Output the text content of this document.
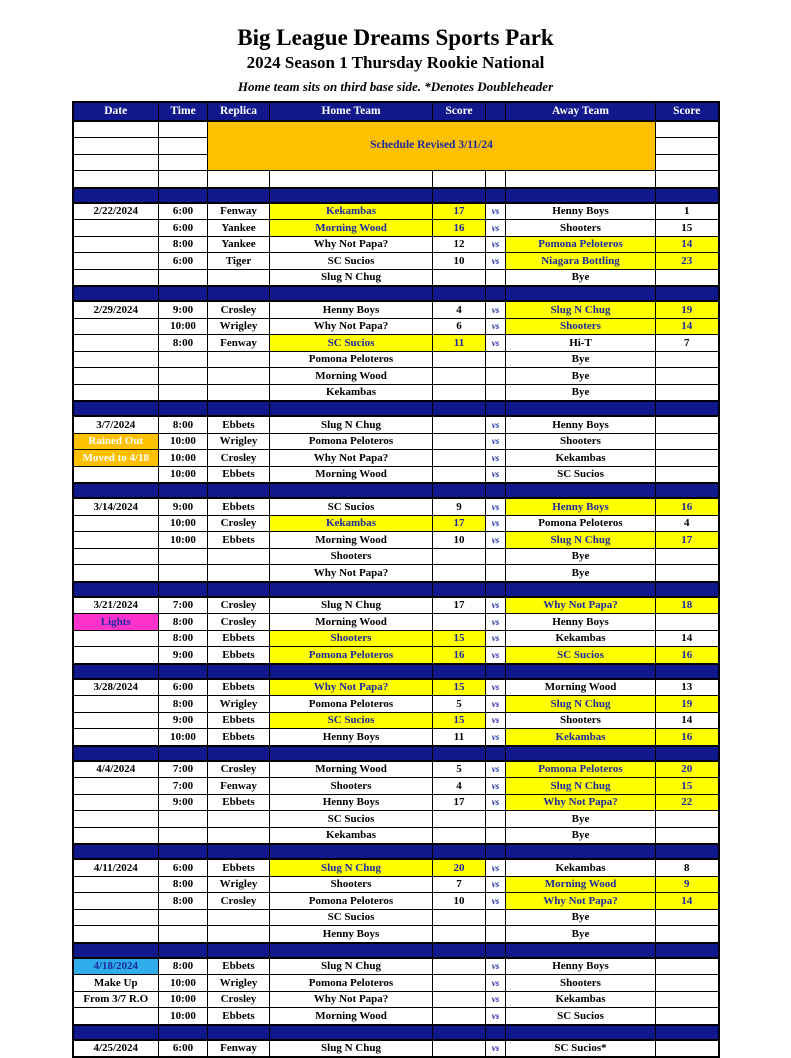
Big League Dreams Sports Park
2024 Season 1 Thursday Rookie National
Home team sits on third base side. *Denotes Doubleheader
Date	Time	Replica	Home Team	Score		Away Team	Score
		Schedule Revised 3/11/24					

2/22/2024	6:00	Fenway	Kekambas	17	vs	Henny Boys	1
	6:00	Yankee	Morning Wood	16	vs	Shooters	15
	8:00	Yankee	Why Not Papa?	12	vs	Pomona Peloteros	14
	6:00	Tiger	SC Sucios	10	vs	Niagara Bottling	23
			Slug N Chug			Bye	

2/29/2024	9:00	Crosley	Henny Boys	4	vs	Slug N Chug	19
	10:00	Wrigley	Why Not Papa?	6	vs	Shooters	14
	8:00	Fenway	SC Sucios	11	vs	Hi-T	7
			Pomona Peloteros			Bye	
			Morning Wood			Bye	
			Kekambas			Bye	

3/7/2024	8:00	Ebbets	Slug N Chug		vs	Henny Boys	
Rained Out	10:00	Wrigley	Pomona Peloteros		vs	Shooters	
Moved to 4/18	10:00	Crosley	Why Not Papa?		vs	Kekambas	
	10:00	Ebbets	Morning Wood		vs	SC Sucios	

3/14/2024	9:00	Ebbets	SC Sucios	9	vs	Henny Boys	16
	10:00	Crosley	Kekambas	17	vs	Pomona Peloteros	4
	10:00	Ebbets	Morning Wood	10	vs	Slug N Chug	17
			Shooters			Bye	
			Why Not Papa?			Bye	

3/21/2024	7:00	Crosley	Slug N Chug	17	vs	Why Not Papa?	18
Lights	8:00	Crosley	Morning Wood		vs	Henny Boys	
	8:00	Ebbets	Shooters	15	vs	Kekambas	14
	9:00	Ebbets	Pomona Peloteros	16	vs	SC Sucios	16

3/28/2024	6:00	Ebbets	Why Not Papa?	15	vs	Morning Wood	13
	8:00	Wrigley	Pomona Peloteros	5	vs	Slug N Chug	19
	9:00	Ebbets	SC Sucios	15	vs	Shooters	14
	10:00	Ebbets	Henny Boys	11	vs	Kekambas	16

4/4/2024	7:00	Crosley	Morning Wood	5	vs	Pomona Peloteros	20
	7:00	Fenway	Shooters	4	vs	Slug N Chug	15
	9:00	Ebbets	Henny Boys	17	vs	Why Not Papa?	22
			SC Sucios			Bye	
			Kekambas			Bye	

4/11/2024	6:00	Ebbets	Slug N Chug	20	vs	Kekambas	8
	8:00	Wrigley	Shooters	7	vs	Morning Wood	9
	8:00	Crosley	Pomona Peloteros	10	vs	Why Not Papa?	14
			SC Sucios			Bye	
			Henny Boys			Bye	

4/18/2024	8:00	Ebbets	Slug N Chug		vs	Henny Boys	
Make Up	10:00	Wrigley	Pomona Peloteros		vs	Shooters	
From 3/7 R.O	10:00	Crosley	Why Not Papa?		vs	Kekambas	
	10:00	Ebbets	Morning Wood		vs	SC Sucios	

4/25/2024	6:00	Fenway	Slug N Chug		vs	SC Sucios*	
